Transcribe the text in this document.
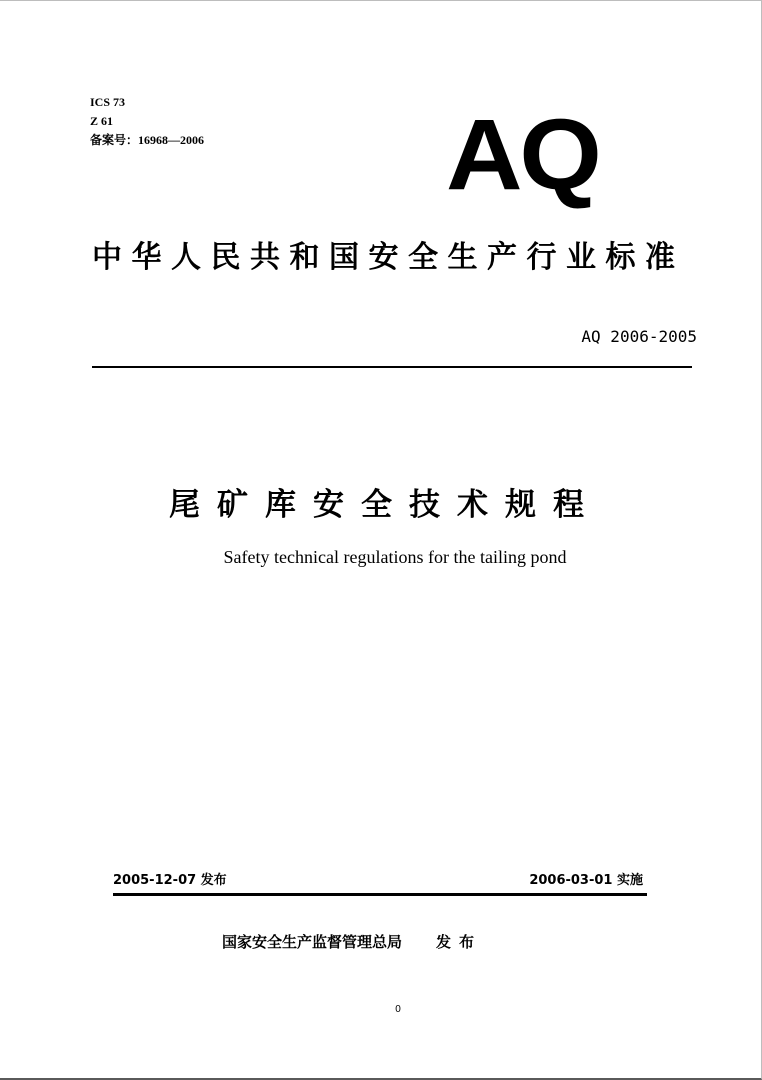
ICS 73
Z 61
备案号：16968—2006 AQ
中华人民共和国安全生产行业标准
AQ 2006-2005
尾矿库安全技术规程
Safety technical regulations for the tailing pond
2005-12-07 发布	2006-03-01 实施
国家安全生产监督管理总局 发布
0
